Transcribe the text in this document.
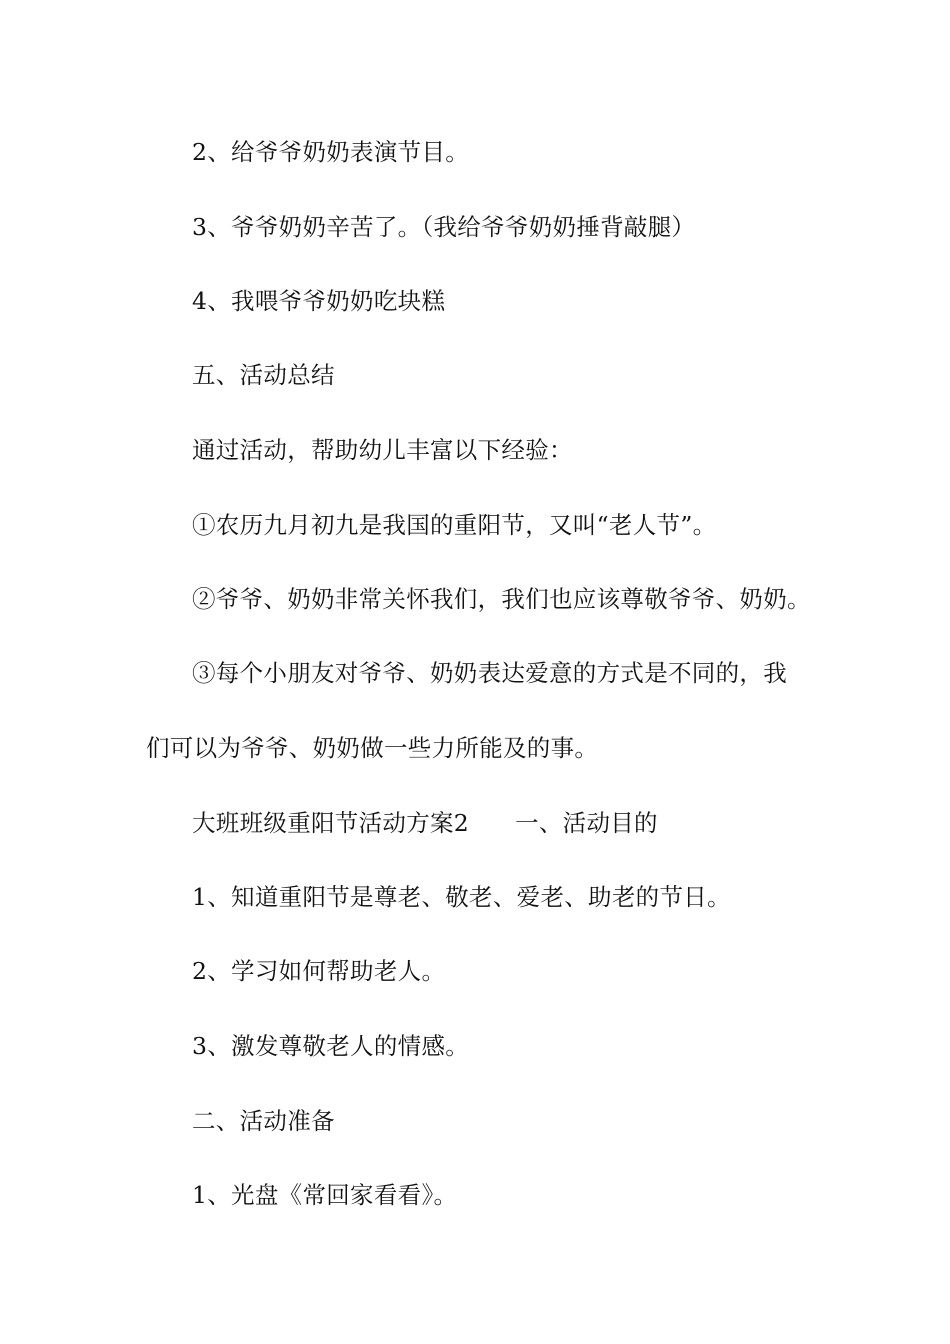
2、给爷爷奶奶表演节目。
3、爷爷奶奶辛苦了。（我给爷爷奶奶捶背敲腿）
4、我喂爷爷奶奶吃块糕
五、活动总结
通过活动，帮助幼儿丰富以下经验：
①农历九月初九是我国的重阳节，又叫“老人节”。
②爷爷、奶奶非常关怀我们，我们也应该尊敬爷爷、奶奶。
③每个小朋友对爷爷、奶奶表达爱意的方式是不同的，我
们可以为爷爷、奶奶做一些力所能及的事。
大班班级重阳节活动方案2 一、活动目的
1、知道重阳节是尊老、敬老、爱老、助老的节日。
2、学习如何帮助老人。
3、激发尊敬老人的情感。
二、活动准备
1、光盘《常回家看看》。
